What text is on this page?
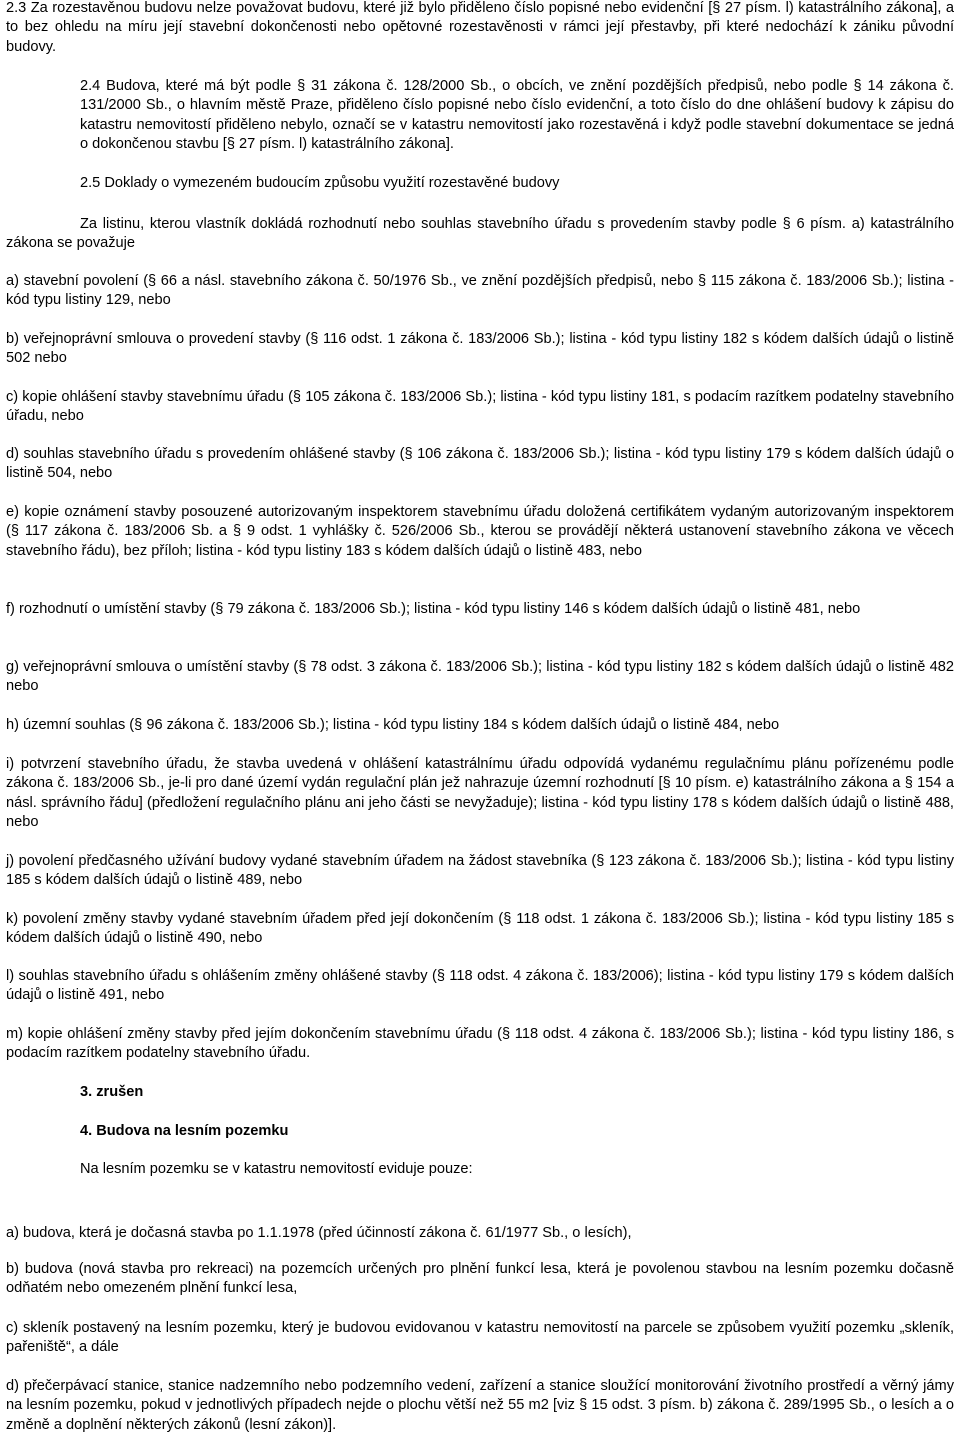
2.3 Za rozestavěnou budovu nelze považovat budovu, které již bylo přiděleno číslo popisné nebo evidenční [§ 27 písm. l) katastrálního zákona], a to bez ohledu na míru její stavební dokončenosti nebo opětovné rozestavěnosti v rámci její přestavby, při které nedochází k zániku původní budovy.
2.4 Budova, které má být podle § 31 zákona č. 128/2000 Sb., o obcích, ve znění pozdějších předpisů, nebo podle § 14 zákona č. 131/2000 Sb., o hlavním městě Praze, přiděleno číslo popisné nebo číslo evidenční, a toto číslo do dne ohlášení budovy k zápisu do katastru nemovitostí přiděleno nebylo, označí se v katastru nemovitostí jako rozestavěná i když podle stavební dokumentace se jedná o dokončenou stavbu [§ 27 písm. l) katastrálního zákona].
2.5 Doklady o vymezeném budoucím způsobu využití rozestavěné budovy
Za listinu, kterou vlastník dokládá rozhodnutí nebo souhlas stavebního úřadu s provedením stavby podle § 6 písm. a) katastrálního zákona se považuje
a) stavební povolení (§ 66 a násl. stavebního zákona č. 50/1976 Sb., ve znění pozdějších předpisů, nebo § 115 zákona č. 183/2006 Sb.); listina - kód typu listiny 129, nebo
b) veřejnoprávní smlouva o provedení stavby (§ 116 odst. 1 zákona č. 183/2006 Sb.); listina - kód typu listiny 182 s kódem dalších údajů o listině 502 nebo
c) kopie ohlášení stavby stavebnímu úřadu (§ 105 zákona č. 183/2006 Sb.); listina - kód typu listiny 181, s podacím razítkem podatelny stavebního úřadu, nebo
d) souhlas stavebního úřadu s provedením ohlášené stavby (§ 106 zákona č. 183/2006 Sb.); listina - kód typu listiny 179 s kódem dalších údajů o listině 504, nebo
e) kopie oznámení stavby posouzené autorizovaným inspektorem stavebnímu úřadu doložená certifikátem vydaným autorizovaným inspektorem (§ 117 zákona č. 183/2006 Sb. a § 9 odst. 1 vyhlášky č. 526/2006 Sb., kterou se provádějí některá ustanovení stavebního zákona ve věcech stavebního řádu), bez příloh; listina - kód typu listiny 183 s kódem dalších údajů o listině 483, nebo
f) rozhodnutí o umístění stavby (§ 79 zákona č. 183/2006 Sb.); listina - kód typu listiny 146 s kódem dalších údajů o listině 481, nebo
g) veřejnoprávní smlouva o umístění stavby (§ 78 odst. 3 zákona č. 183/2006 Sb.); listina - kód typu listiny 182 s kódem dalších údajů o listině 482 nebo
h) územní souhlas (§ 96 zákona č. 183/2006 Sb.); listina - kód typu listiny 184 s kódem dalších údajů o listině 484, nebo
i) potvrzení stavebního úřadu, že stavba uvedená v ohlášení katastrálnímu úřadu odpovídá vydanému regulačnímu plánu pořízenému podle zákona č. 183/2006 Sb., je-li pro dané území vydán regulační plán jež nahrazuje územní rozhodnutí [§ 10 písm. e) katastrálního zákona a § 154 a násl. správního řádu] (předložení regulačního plánu ani jeho části se nevyžaduje); listina - kód typu listiny 178 s kódem dalších údajů o listině 488, nebo
j) povolení předčasného užívání budovy vydané stavebním úřadem na žádost stavebníka (§ 123 zákona č. 183/2006 Sb.); listina - kód typu listiny 185 s kódem dalších údajů o listině 489, nebo
k) povolení změny stavby vydané stavebním úřadem před její dokončením (§ 118 odst. 1 zákona č. 183/2006 Sb.); listina - kód typu listiny 185 s kódem dalších údajů o listině 490, nebo
l) souhlas stavebního úřadu s ohlášením změny ohlášené stavby (§ 118 odst. 4 zákona č. 183/2006); listina - kód typu listiny 179 s kódem dalších údajů o listině 491, nebo
m) kopie ohlášení změny stavby před jejím dokončením stavebnímu úřadu (§ 118 odst. 4 zákona č. 183/2006 Sb.); listina - kód typu listiny 186, s podacím razítkem podatelny stavebního úřadu.
3. zrušen
4. Budova na lesním pozemku
Na lesním pozemku se v katastru nemovitostí eviduje pouze:
a) budova, která je dočasná stavba po 1.1.1978 (před účinností zákona č. 61/1977 Sb., o lesích),
b) budova (nová stavba pro rekreaci) na pozemcích určených pro plnění funkcí lesa, která je povolenou stavbou na lesním pozemku dočasně odňatém nebo omezeném plnění funkcí lesa,
c) skleník postavený na lesním pozemku, který je budovou evidovanou v katastru nemovitostí na parcele se způsobem využití pozemku „skleník, pařeniště“, a dále
d) přečerpávací stanice, stanice nadzemního nebo podzemního vedení, zařízení a stanice sloužící monitorování životního prostředí a věrný jámy na lesním pozemku, pokud v jednotlivých případech nejde o plochu větší než 55 m2 [viz § 15 odst. 3 písm. b) zákona č. 289/1995 Sb., o lesích a o změně a doplnění některých zákonů (lesní zákon)].
